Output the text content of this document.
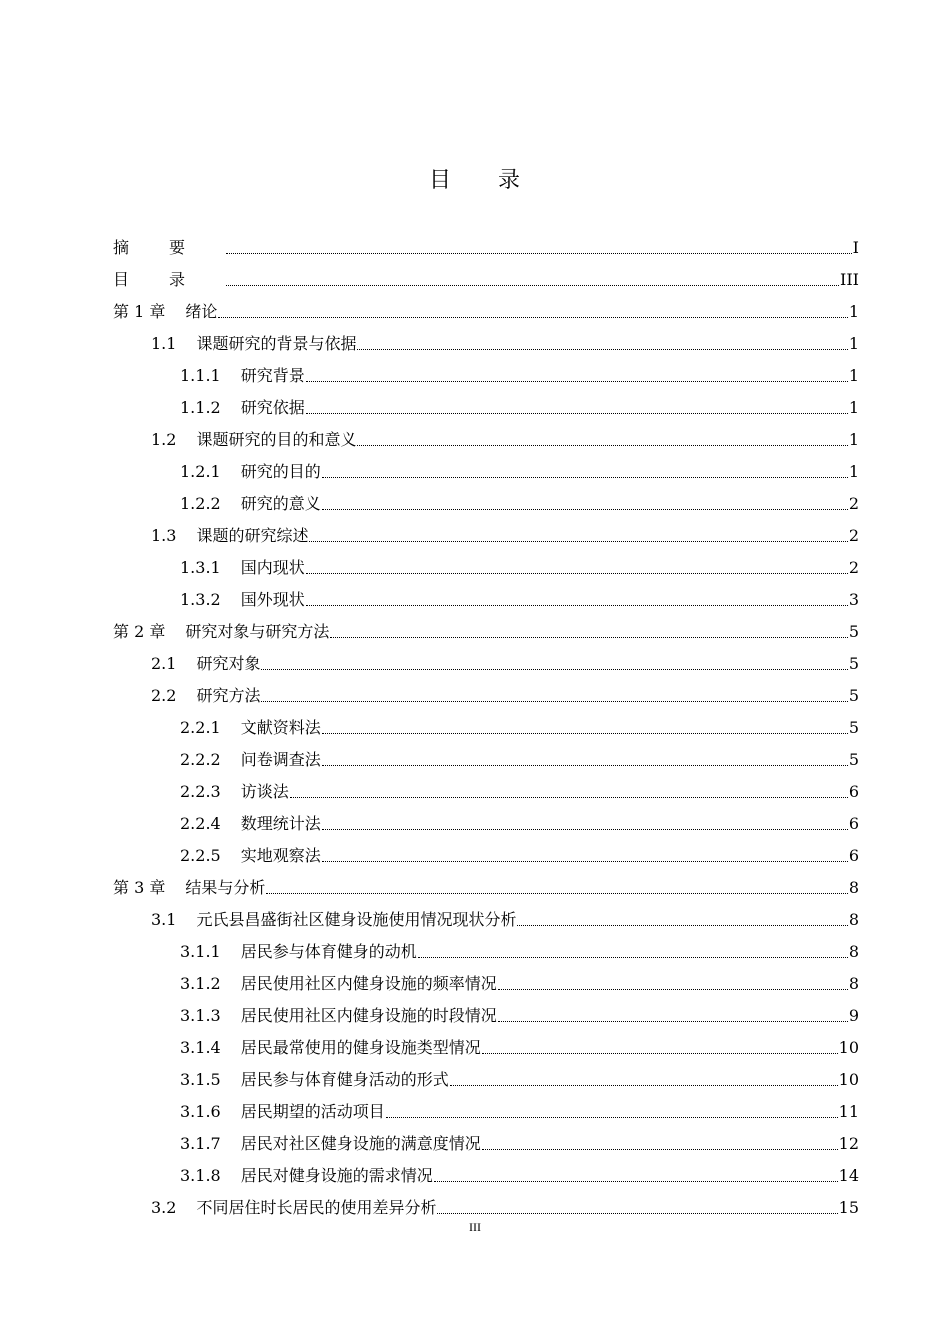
目 录
摘要	I
目录	III
第 1 章 绪论	1
1.1 课题研究的背景与依据	1
1.1.1 研究背景	1
1.1.2 研究依据	1
1.2 课题研究的目的和意义	1
1.2.1 研究的目的	1
1.2.2 研究的意义	2
1.3 课题的研究综述	2
1.3.1 国内现状	2
1.3.2 国外现状	3
第 2 章 研究对象与研究方法	5
2.1 研究对象	5
2.2 研究方法	5
2.2.1 文献资料法	5
2.2.2 问卷调查法	5
2.2.3 访谈法	6
2.2.4 数理统计法	6
2.2.5 实地观察法	6
第 3 章 结果与分析	8
3.1 元氏县昌盛街社区健身设施使用情况现状分析	8
3.1.1 居民参与体育健身的动机	8
3.1.2 居民使用社区内健身设施的频率情况	8
3.1.3 居民使用社区内健身设施的时段情况	9
3.1.4 居民最常使用的健身设施类型情况	10
3.1.5 居民参与体育健身活动的形式	10
3.1.6 居民期望的活动项目	11
3.1.7 居民对社区健身设施的满意度情况	12
3.1.8 居民对健身设施的需求情况	14
3.2 不同居住时长居民的使用差异分析	15
III
